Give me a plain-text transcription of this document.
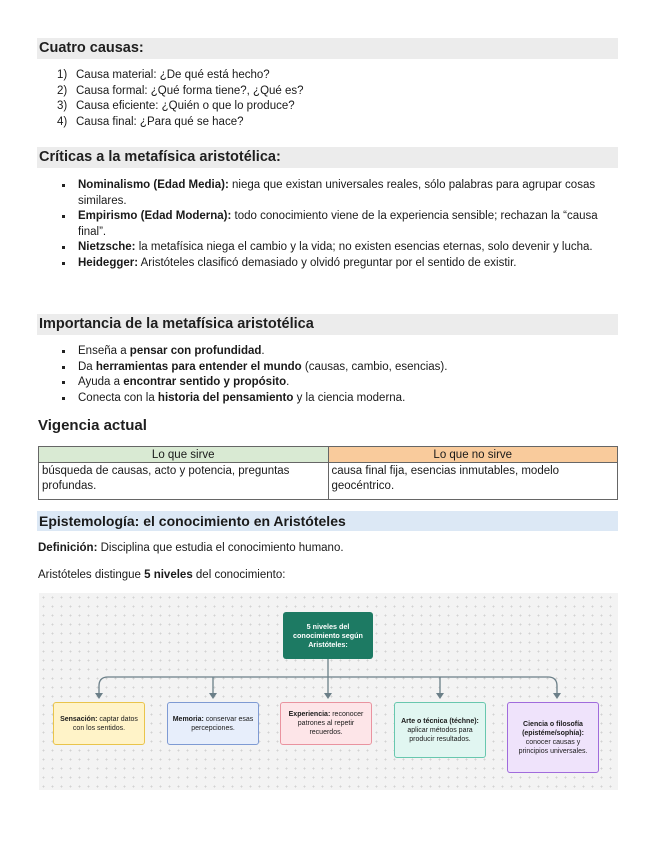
Cuatro causas:
1) Causa material: ¿De qué está hecho?
2) Causa formal: ¿Qué forma tiene?, ¿Qué es?
3) Causa eficiente: ¿Quién o que lo produce?
4) Causa final: ¿Para qué se hace?
Críticas a la metafísica aristotélica:
Nominalismo (Edad Media): niega que existan universales reales, sólo palabras para agrupar cosas similares.
Empirismo (Edad Moderna): todo conocimiento viene de la experiencia sensible; rechazan la “causa final”.
Nietzsche: la metafísica niega el cambio y la vida; no existen esencias eternas, solo devenir y lucha.
Heidegger: Aristóteles clasificó demasiado y olvidó preguntar por el sentido de existir.
Importancia de la metafísica aristotélica
Enseña a pensar con profundidad.
Da herramientas para entender el mundo (causas, cambio, esencias).
Ayuda a encontrar sentido y propósito.
Conecta con la historia del pensamiento y la ciencia moderna.
Vigencia actual
Lo que sirve	Lo que no sirve
búsqueda de causas, acto y potencia, preguntas profundas.	causa final fija, esencias inmutables, modelo geocéntrico.
Epistemología: el conocimiento en Aristóteles
Definición: Disciplina que estudia el conocimiento humano.
Aristóteles distingue 5 niveles del conocimiento:
5 niveles del conocimiento según Aristóteles:
Sensación: captar datos con los sentidos.
Memoria: conservar esas percepciones.
Experiencia: reconocer patrones al repetir recuerdos.
Arte o técnica (téchne): aplicar métodos para producir resultados.
Ciencia o filosofía (epistéme/sophía): conocer causas y principios universales.
